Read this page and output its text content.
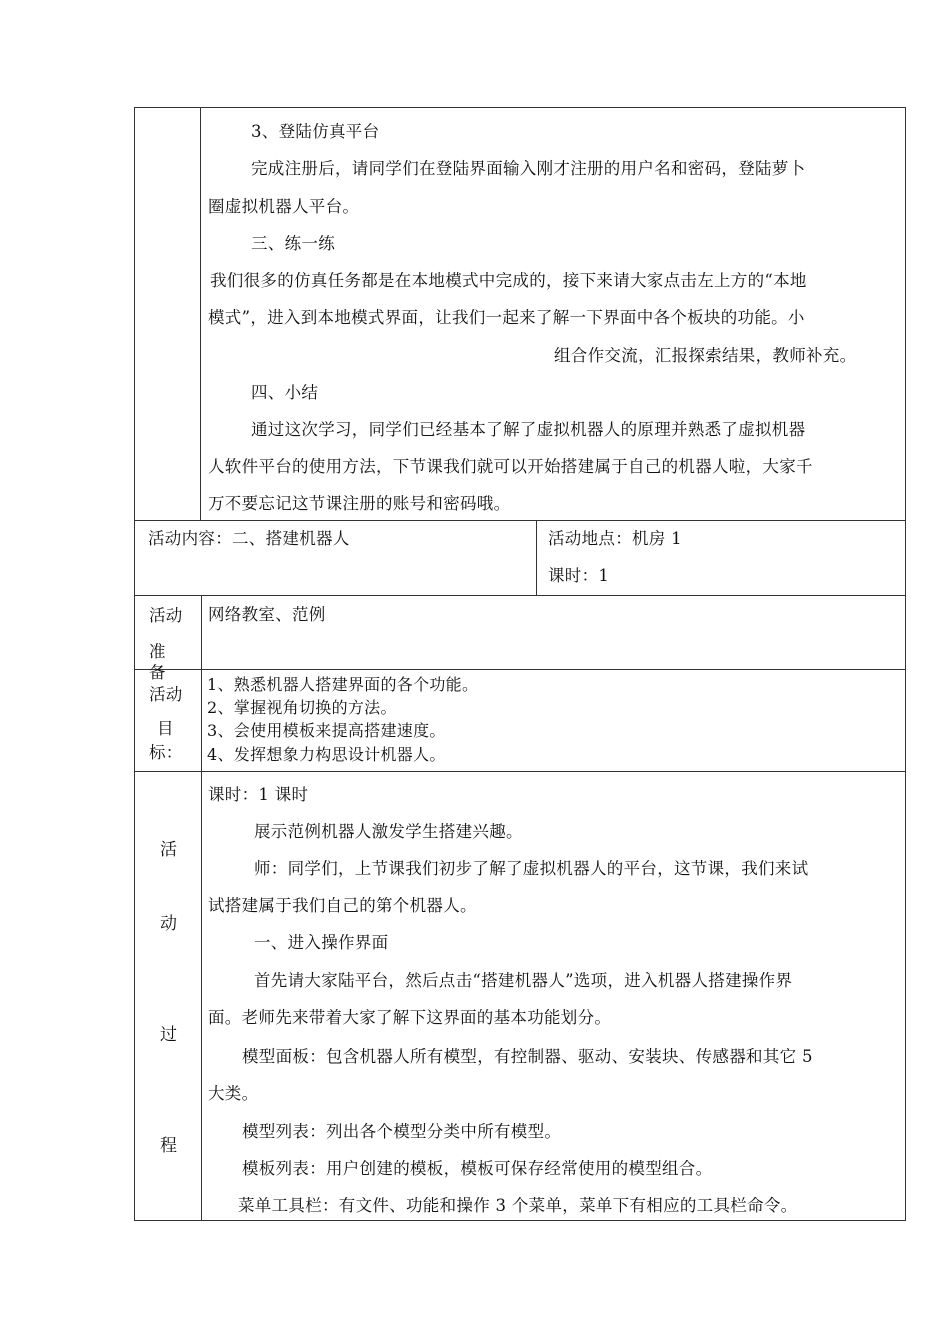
3、登陆仿真平台
完成注册后，请同学们在登陆界面输入刚才注册的用户名和密码，登陆萝卜
圈虚拟机器人平台。
三、练一练
我们很多的仿真任务都是在本地模式中完成的，接下来请大家点击左上方的“本地
模式”，进入到本地模式界面，让我们一起来了解一下界面中各个板块的功能。小
组合作交流，汇报探索结果，教师补充。
四、小结
通过这次学习，同学们已经基本了解了虚拟机器人的原理并熟悉了虚拟机器
人软件平台的使用方法，下节课我们就可以开始搭建属于自己的机器人啦，大家千
万不要忘记这节课注册的账号和密码哦。
活动内容：二、搭建机器人	活动地点：机房 1
课时：1
活动
准
备
网络教室、范例
活动
目
标：
1、熟悉机器人搭建界面的各个功能。
2、掌握视角切换的方法。
3、会使用模板来提高搭建速度。
4、发挥想象力构思设计机器人。
活
动
过
程
课时：1 课时
展示范例机器人激发学生搭建兴趣。
师：同学们，上节课我们初步了解了虚拟机器人的平台，这节课，我们来试
试搭建属于我们自己的第个机器人。
一、进入操作界面
首先请大家陆平台，然后点击“搭建机器人”选项，进入机器人搭建操作界
面。老师先来带着大家了解下这界面的基本功能划分。
模型面板：包含机器人所有模型，有控制器、驱动、安装块、传感器和其它 5
大类。
模型列表：列出各个模型分类中所有模型。
模板列表：用户创建的模板，模板可保存经常使用的模型组合。
菜单工具栏：有文件、功能和操作 3 个菜单，菜单下有相应的工具栏命令。
